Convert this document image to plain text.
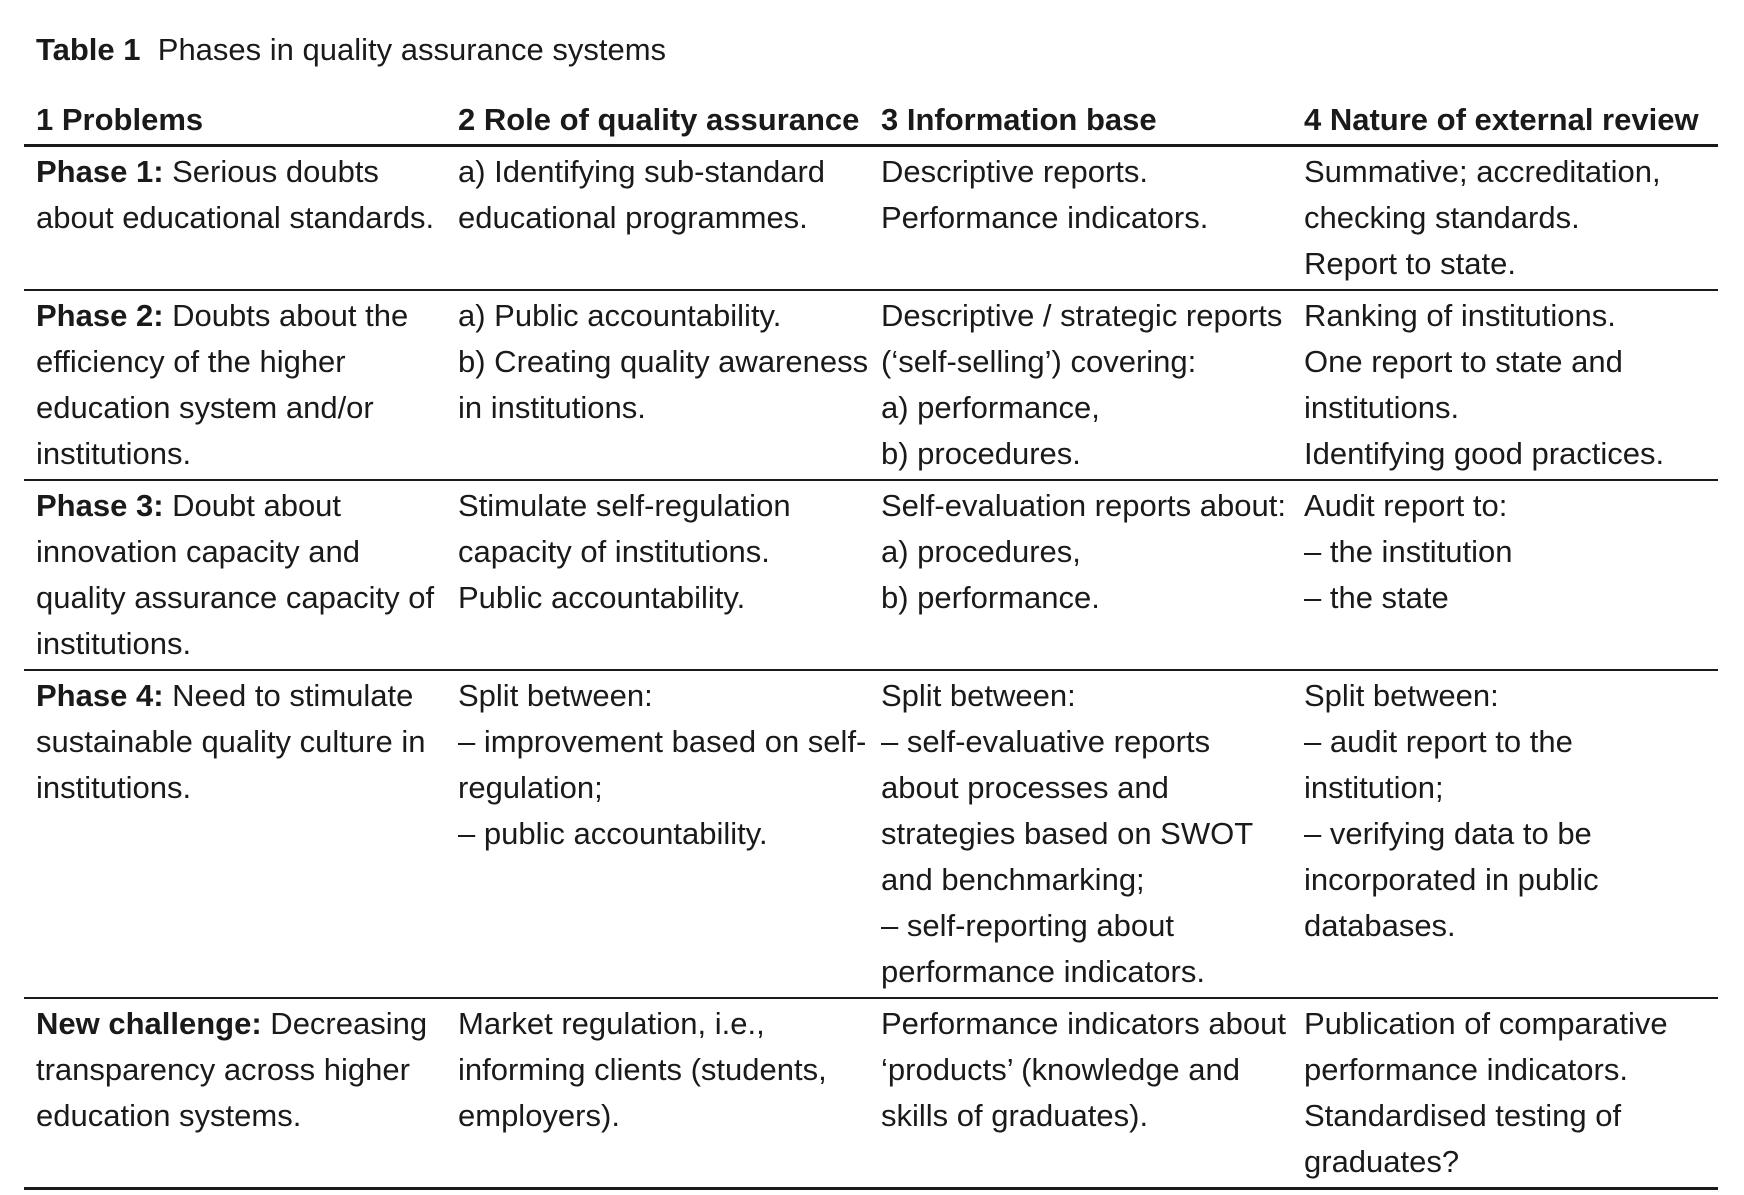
Table 1 Phases in quality assurance systems
1 Problems	2 Role of quality assurance 3 Information base	4 Nature of external review
Phase 1: Serious doubts
about educational standards.
a) Identifying sub-standard
educational programmes.
Descriptive reports.
Performance indicators.
Summative; accreditation,
checking standards.
Report to state.
Phase 2: Doubts about the
efficiency of the higher
education system and/or
institutions.
a) Public accountability.
b) Creating quality awareness
in institutions.
Descriptive / strategic reports
(‘self-selling’) covering:
a) performance,
b) procedures.
Ranking of institutions.
One report to state and
institutions.
Identifying good practices.
Phase 3: Doubt about
innovation capacity and
quality assurance capacity of
institutions.
Stimulate self-regulation
capacity of institutions.
Public accountability.
Self-evaluation reports about:
a) procedures,
b) performance.
Audit report to:
– the institution
– the state
Phase 4: Need to stimulate
sustainable quality culture in
institutions.
Split between:
– improvement based on self-
regulation;
– public accountability.
Split between:
– self-evaluative reports
about processes and
strategies based on SWOT
and benchmarking;
– self-reporting about
performance indicators.
Split between:
– audit report to the
institution;
– verifying data to be
incorporated in public
databases.
New challenge: Decreasing
transparency across higher
education systems.
Market regulation, i.e.,
informing clients (students,
employers).
Performance indicators about
‘products’ (knowledge and
skills of graduates).
Publication of comparative
performance indicators.
Standardised testing of
graduates?
